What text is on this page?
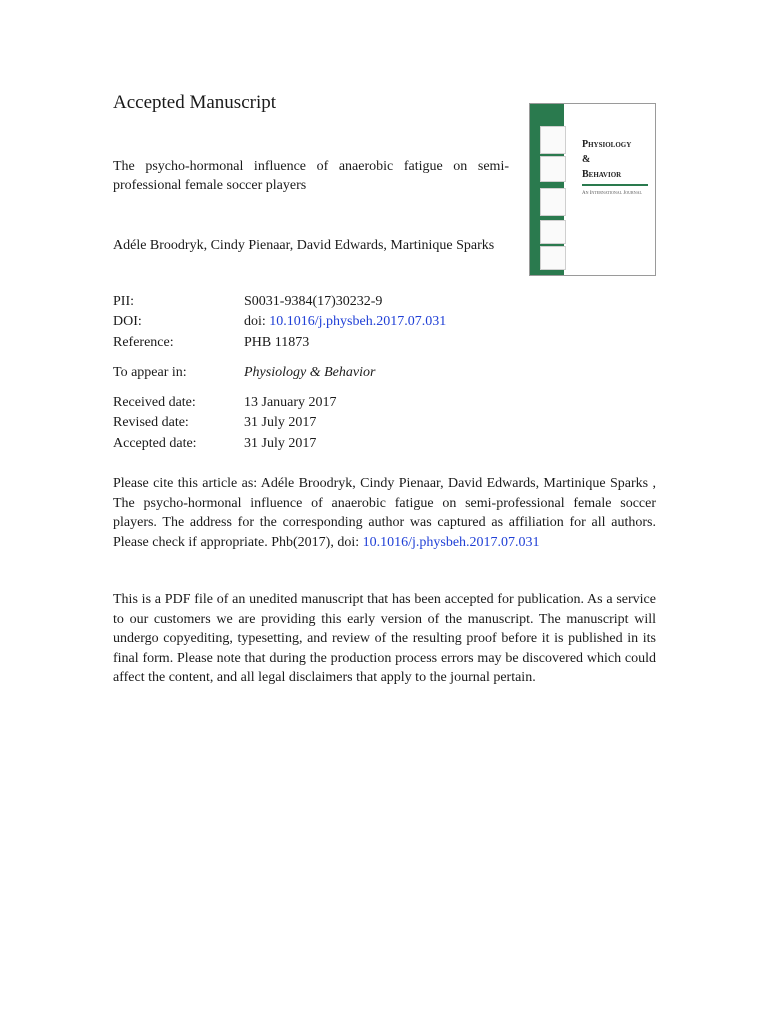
Accepted Manuscript
The psycho-hormonal influence of anaerobic fatigue on semi-professional female soccer players
Adéle Broodryk, Cindy Pienaar, David Edwards, Martinique Sparks
Physiology
&
Behavior
An International Journal
PII:	S0031-9384(17)30232-9
DOI:	doi: 10.1016/j.physbeh.2017.07.031
Reference:	PHB 11873
To appear in:	Physiology & Behavior
Received date:	13 January 2017
Revised date:	31 July 2017
Accepted date:	31 July 2017
Please cite this article as: Adéle Broodryk, Cindy Pienaar, David Edwards, Martinique Sparks , The psycho-hormonal influence of anaerobic fatigue on semi-professional female soccer players. The address for the corresponding author was captured as affiliation for all authors. Please check if appropriate. Phb(2017), doi: 10.1016/j.physbeh.2017.07.031
This is a PDF file of an unedited manuscript that has been accepted for publication. As a service to our customers we are providing this early version of the manuscript. The manuscript will undergo copyediting, typesetting, and review of the resulting proof before it is published in its final form. Please note that during the production process errors may be discovered which could affect the content, and all legal disclaimers that apply to the journal pertain.
